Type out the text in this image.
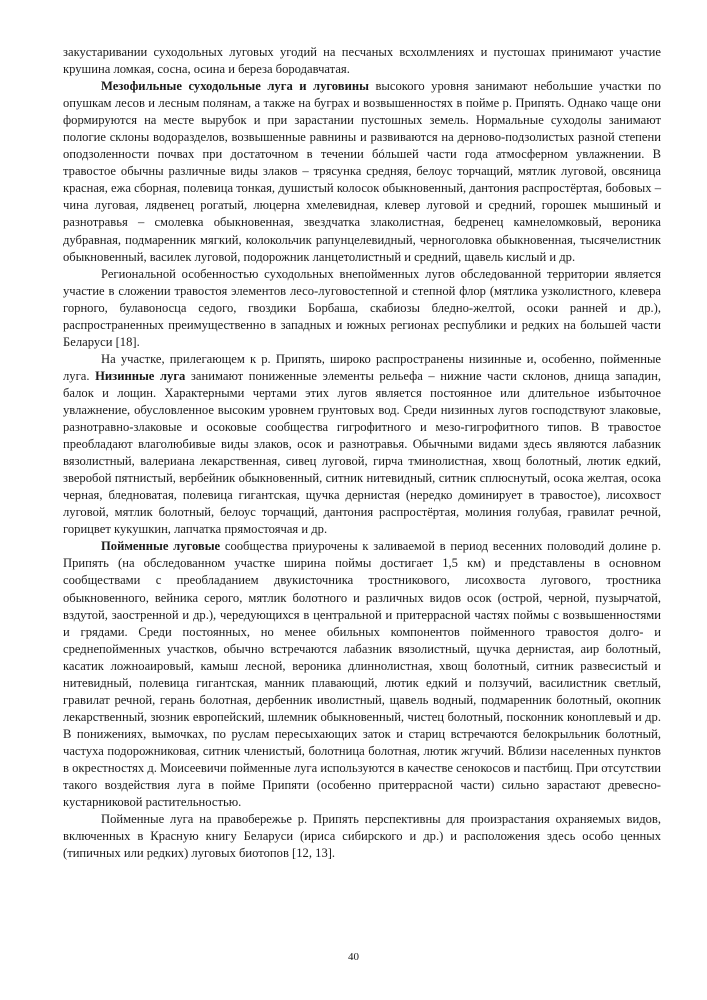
закустаривании суходольных луговых угодий на песчаных всхолмлениях и пустошах принимают участие крушина ломкая, сосна, осина и береза бородавчатая.

Мезофильные суходольные луга и луговины высокого уровня занимают небольшие участки по опушкам лесов и лесным полянам, а также на буграх и возвышенностях в пойме р. Припять. Однако чаще они формируются на месте вырубок и при зарастании пустошных земель. Нормальные суходолы занимают пологие склоны водоразделов, возвышенные равнины и развиваются на дерново-подзолистых разной степени оподзоленности почвах при достаточном в течении бóльшей части года атмосферном увлажнении. В травостое обычны различные виды злаков – трясунка средняя, белоус торчащий, мятлик луговой, овсяница красная, ежа сборная, полевица тонкая, душистый колосок обыкновенный, дантония распростёртая, бобовых – чина луговая, лядвенец рогатый, люцерна хмелевидная, клевер луговой и средний, горошек мышиный и разнотравья – смолевка обыкновенная, звездчатка злаколистная, бедренец камнеломковый, вероника дубравная, подмаренник мягкий, колокольчик рапунцелевидный, черноголовка обыкновенная, тысячелистник обыкновенный, василек луговой, подорожник ланцетолистный и средний, щавель кислый и др.

Региональной особенностью суходольных внепойменных лугов обследованной территории является участие в сложении травостоя элементов лесо-луговостепной и степной флор (мятлика узколистного, клевера горного, булавоносца седого, гвоздики Борбаша, скабиозы бледно-желтой, осоки ранней и др.), распространенных преимущественно в западных и южных регионах республики и редких на большей части Беларуси [18].

На участке, прилегающем к р. Припять, широко распространены низинные и, особенно, пойменные луга. Низинные луга занимают пониженные элементы рельефа – нижние части склонов, днища западин, балок и лощин. Характерными чертами этих лугов является постоянное или длительное избыточное увлажнение, обусловленное высоким уровнем грунтовых вод. Среди низинных лугов господствуют злаковые, разнотравно-злаковые и осоковые сообщества гигрофитного и мезо-гигрофитного типов. В травостое преобладают влаголюбивые виды злаков, осок и разнотравья. Обычными видами здесь являются лабазник вязолистный, валериана лекарственная, сивец луговой, гирча тминолистная, хвощ болотный, лютик едкий, зверобой пятнистый, вербейник обыкновенный, ситник нитевидный, ситник сплюснутый, осока желтая, осока черная, бледноватая, полевица гигантская, щучка дернистая (нередко доминирует в травостое), лисохвост луговой, мятлик болотный, белоус торчащий, дантония распростёртая, молиния голубая, гравилат речной, горицвет кукушкин, лапчатка прямостоячая и др.

Пойменные луговые сообщества приурочены к заливаемой в период весенних половодий долине р. Припять (на обследованном участке ширина поймы достигает 1,5 км) и представлены в основном сообществами с преобладанием двукисточника тростникового, лисохвоста лугового, тростника обыкновенного, вейника серого, мятлик болотного и различных видов осок (острой, черной, пузырчатой, вздутой, заостренной и др.), чередующихся в центральной и притеррасной частях поймы с возвышенностями и грядами. Среди постоянных, но менее обильных компонентов пойменного травостоя долго- и среднепойменных участков, обычно встречаются лабазник вязолистный, щучка дернистая, аир болотный, касатик ложноаировый, камыш лесной, вероника длиннолистная, хвощ болотный, ситник развесистый и нитевидный, полевица гигантская, манник плавающий, лютик едкий и ползучий, василистник светлый, гравилат речной, герань болотная, дербенник иволистный, щавель водный, подмаренник болотный, окопник лекарственный, зюзник европейский, шлемник обыкновенный, чистец болотный, посконник коноплевый и др. В понижениях, вымочках, по руслам пересыхающих заток и стариц встречаются белокрыльник болотный, частуха подорожниковая, ситник членистый, болотница болотная, лютик жгучий. Вблизи населенных пунктов в окрестностях д. Моисеевичи пойменные луга используются в качестве сенокосов и пастбищ. При отсутствии такого воздействия луга в пойме Припяти (особенно притеррасной части) сильно зарастают древесно-кустарниковой растительностью.

Пойменные луга на правобережье р. Припять перспективны для произрастания охраняемых видов, включенных в Красную книгу Беларуси (ириса сибирского и др.) и расположения здесь особо ценных (типичных или редких) луговых биотопов [12, 13].

40
